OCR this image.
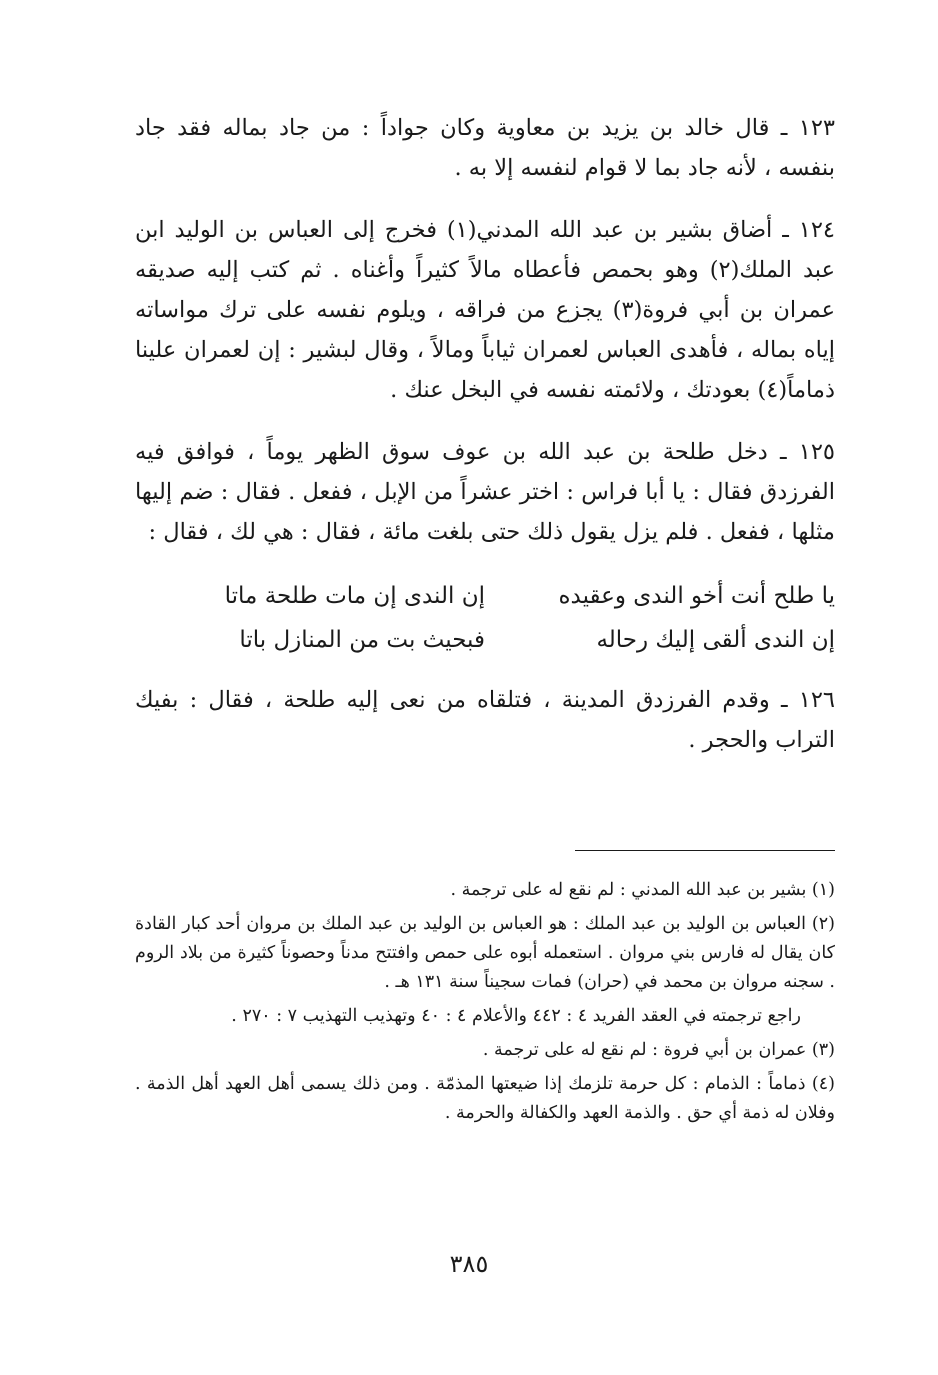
١٢٣ ـ قال خالد بن يزيد بن معاوية وكان جواداً : من جاد بماله فقد جاد بنفسه ، لأنه جاد بما لا قوام لنفسه إلا به .

١٢٤ ـ أضاق بشير بن عبد الله المدني(١) فخرج إلى العباس بن الوليد ابن عبد الملك(٢) وهو بحمص فأعطاه مالاً كثيراً وأغناه . ثم كتب إليه صديقه عمران بن أبي فروة(٣) يجزع من فراقه ، ويلوم نفسه على ترك مواساته إياه بماله ، فأهدى العباس لعمران ثياباً ومالاً ، وقال لبشير : إن لعمران علينا ذماماً(٤) بعودتك ، ولائمته نفسه في البخل عنك .

١٢٥ ـ دخل طلحة بن عبد الله بن عوف سوق الظهر يوماً ، فوافق فيه الفرزدق فقال : يا أبا فراس : اختر عشراً من الإبل ، ففعل . فقال : ضم إليها مثلها ، ففعل . فلم يزل يقول ذلك حتى بلغت مائة ، فقال : هي لك ، فقال :

يا طلح أنت أخو الندى وعقيده
إن الندى إن مات طلحة ماتا
إن الندى ألقى إليك رحاله
فبحيث بت من المنازل باتا

١٢٦ ـ وقدم الفرزدق المدينة ، فتلقاه من نعى إليه طلحة ، فقال : بفيك التراب والحجر .

(١) بشير بن عبد الله المدني : لم نقع له على ترجمة .

(٢) العباس بن الوليد بن عبد الملك : هو العباس بن الوليد بن عبد الملك بن مروان أحد كبار القادة كان يقال له فارس بني مروان . استعمله أبوه على حمص وافتتح مدناً وحصوناً كثيرة من بلاد الروم . سجنه مروان بن محمد في (حران) فمات سجيناً سنة ١٣١ هـ .

راجع ترجمته في العقد الفريد ٤ : ٤٤٢ والأعلام ٤ : ٤٠ وتهذيب التهذيب ٧ : ٢٧٠ .

(٣) عمران بن أبي فروة : لم نقع له على ترجمة .

(٤) ذماماً : الذمام : كل حرمة تلزمك إذا ضيعتها المذمّة . ومن ذلك يسمى أهل العهد أهل الذمة . وفلان له ذمة أي حق . والذمة العهد والكفالة والحرمة .

٣٨٥
